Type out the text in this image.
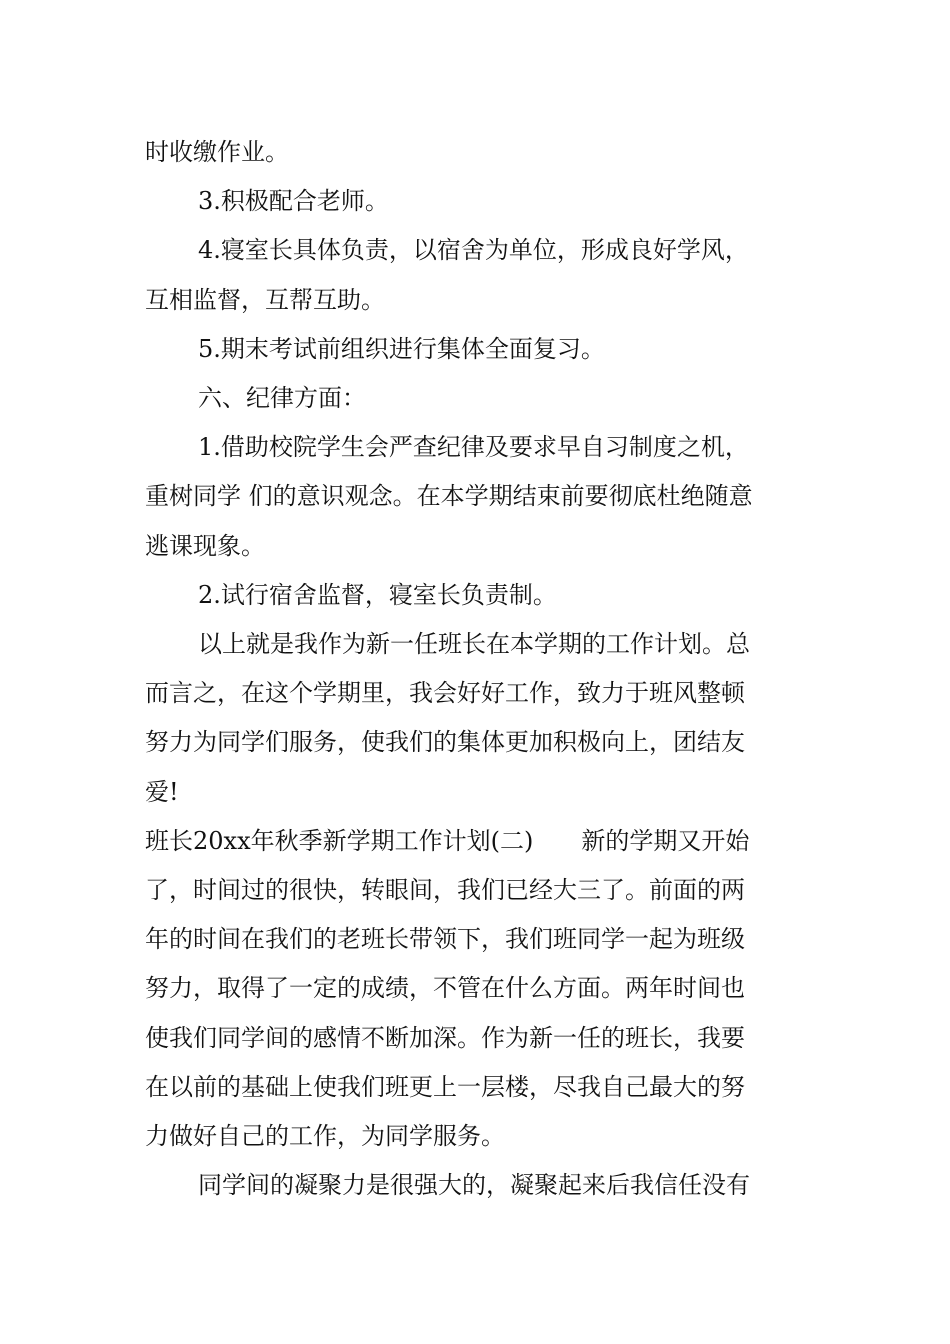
时收缴作业。

3.积极配合老师。

4.寝室长具体负责，以宿舍为单位，形成良好学风，

互相监督，互帮互助。

5.期末考试前组织进行集体全面复习。

六、纪律方面：

1.借助校院学生会严查纪律及要求早自习制度之机，

重树同学 们的意识观念。在本学期结束前要彻底杜绝随意

逃课现象。

2.试行宿舍监督，寝室长负责制。

以上就是我作为新一任班长在本学期的工作计划。总

而言之，在这个学期里，我会好好工作，致力于班风整顿

努力为同学们服务，使我们的集体更加积极向上，团结友

爱!

班长20xx年秋季新学期工作计划(二)　　新的学期又开始

了，时间过的很快，转眼间，我们已经大三了。前面的两

年的时间在我们的老班长带领下，我们班同学一起为班级

努力，取得了一定的成绩，不管在什么方面。两年时间也

使我们同学间的感情不断加深。作为新一任的班长，我要

在以前的基础上使我们班更上一层楼，尽我自己最大的努

力做好自己的工作，为同学服务。

同学间的凝聚力是很强大的，凝聚起来后我信任没有
